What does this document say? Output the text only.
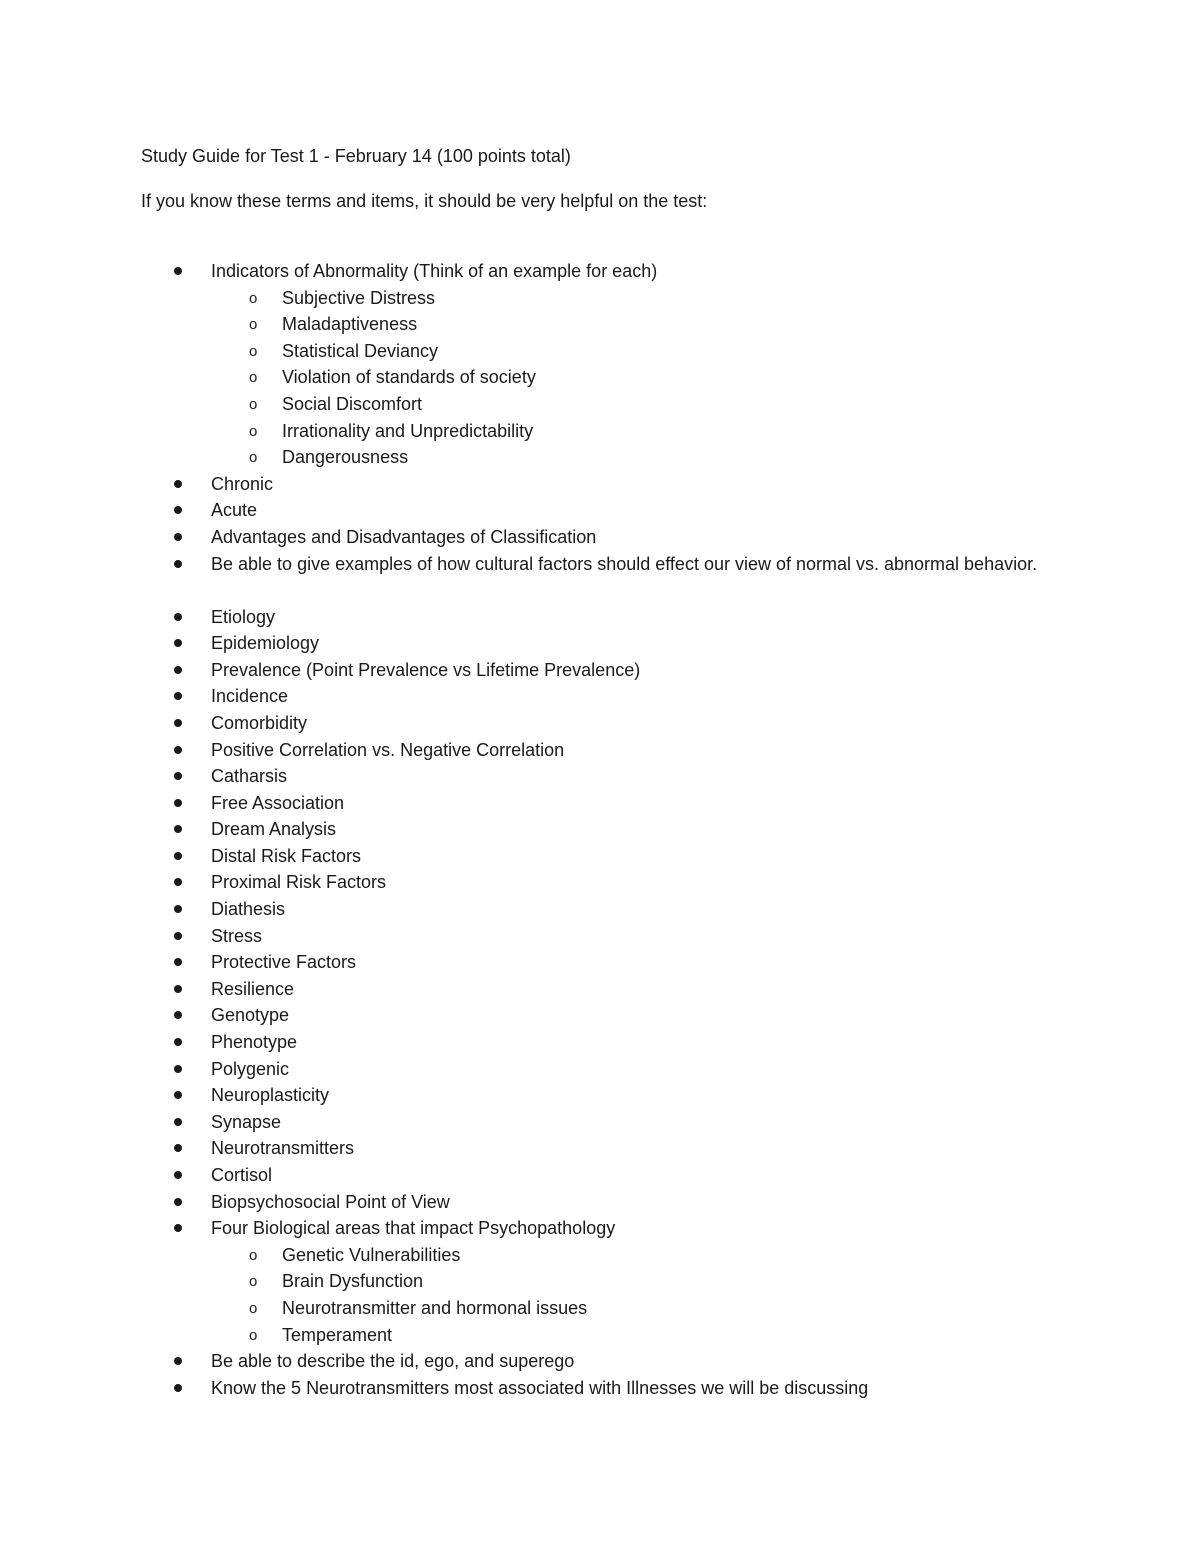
Study Guide for Test 1 - February 14 (100 points total)
If you know these terms and items, it should be very helpful on the test:
Indicators of Abnormality (Think of an example for each)
o Subjective Distress
o Maladaptiveness
o Statistical Deviancy
o Violation of standards of society
o Social Discomfort
o Irrationality and Unpredictability
o Dangerousness
Chronic
Acute
Advantages and Disadvantages of Classification
Be able to give examples of how cultural factors should effect our view of normal vs. abnormal behavior.
Etiology
Epidemiology
Prevalence (Point Prevalence vs Lifetime Prevalence)
Incidence
Comorbidity
Positive Correlation vs. Negative Correlation
Catharsis
Free Association
Dream Analysis
Distal Risk Factors
Proximal Risk Factors
Diathesis
Stress
Protective Factors
Resilience
Genotype
Phenotype
Polygenic
Neuroplasticity
Synapse
Neurotransmitters
Cortisol
Biopsychosocial Point of View
Four Biological areas that impact Psychopathology
o Genetic Vulnerabilities
o Brain Dysfunction
o Neurotransmitter and hormonal issues
o Temperament
Be able to describe the id, ego, and superego
Know the 5 Neurotransmitters most associated with Illnesses we will be discussing
